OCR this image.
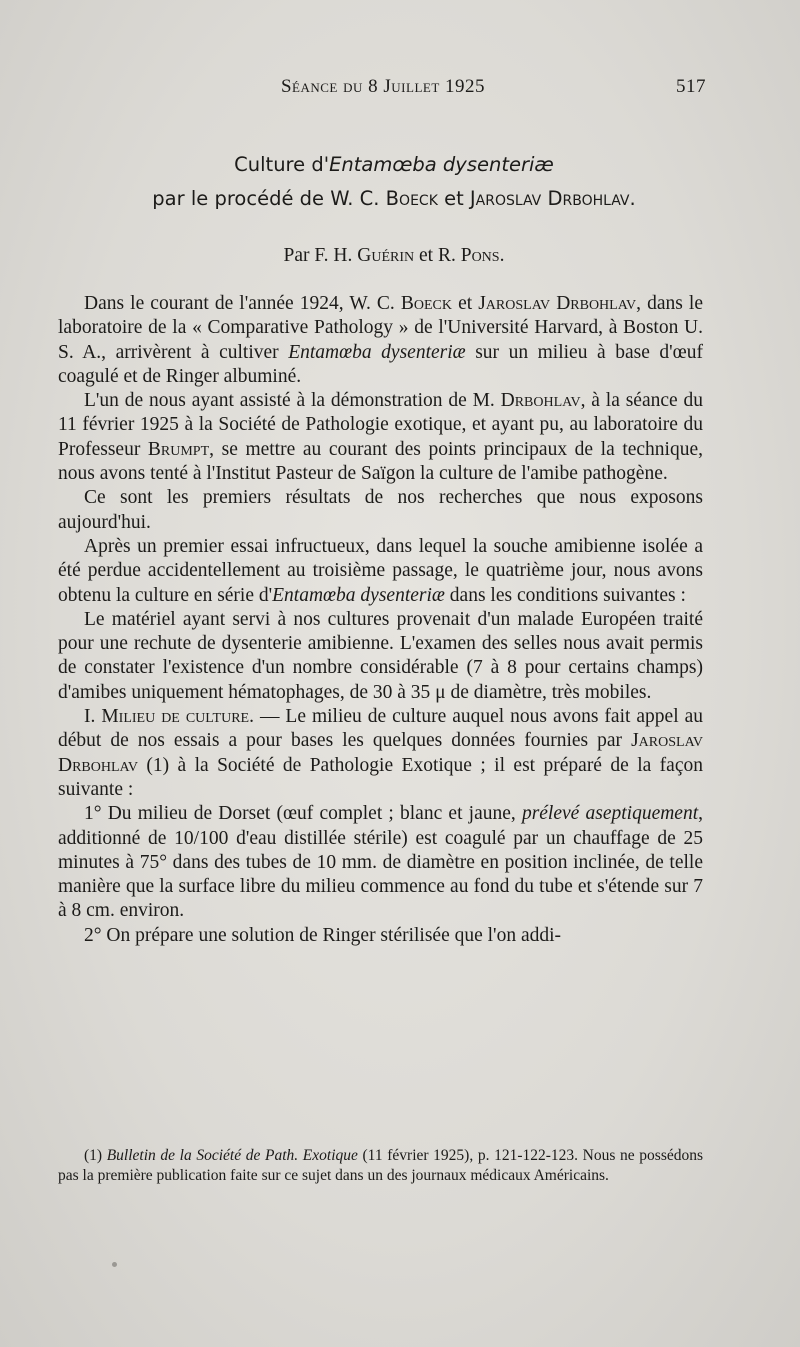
Séance du 8 Juillet 1925	517
Culture d'Entamœba dysenteriæ
par le procédé de W. C. Boeck et Jaroslav Drbohlav.
Par F. H. Guérin et R. Pons.

Dans le courant de l'année 1924, W. C. Boeck et Jaroslav Drbohlav, dans le laboratoire de la « Comparative Pathology » de l'Université Harvard, à Boston U. S. A., arrivèrent à cultiver Entamœba dysenteriæ sur un milieu à base d'œuf coagulé et de Ringer albuminé.

L'un de nous ayant assisté à la démonstration de M. Drbohlav, à la séance du 11 février 1925 à la Société de Pathologie exotique, et ayant pu, au laboratoire du Professeur Brumpt, se mettre au courant des points principaux de la technique, nous avons tenté à l'Institut Pasteur de Saïgon la culture de l'amibe pathogène.

Ce sont les premiers résultats de nos recherches que nous exposons aujourd'hui.

Après un premier essai infructueux, dans lequel la souche amibienne isolée a été perdue accidentellement au troisième passage, le quatrième jour, nous avons obtenu la culture en série d'Entamœba dysenteriæ dans les conditions suivantes :

Le matériel ayant servi à nos cultures provenait d'un malade Européen traité pour une rechute de dysenterie amibienne. L'examen des selles nous avait permis de constater l'existence d'un nombre considérable (7 à 8 pour certains champs) d'amibes uniquement hématophages, de 30 à 35 μ de diamètre, très mobiles.

I. Milieu de culture. — Le milieu de culture auquel nous avons fait appel au début de nos essais a pour bases les quelques données fournies par Jaroslav Drbohlav (1) à la Société de Pathologie Exotique ; il est préparé de la façon suivante :

1° Du milieu de Dorset (œuf complet ; blanc et jaune, prélevé aseptiquement, additionné de 10/100 d'eau distillée stérile) est coagulé par un chauffage de 25 minutes à 75° dans des tubes de 10 mm. de diamètre en position inclinée, de telle manière que la surface libre du milieu commence au fond du tube et s'étende sur 7 à 8 cm. environ.

2° On prépare une solution de Ringer stérilisée que l'on addi-

(1) Bulletin de la Société de Path. Exotique (11 février 1925), p. 121-122-123. Nous ne possédons pas la première publication faite sur ce sujet dans un des journaux médicaux Américains.
